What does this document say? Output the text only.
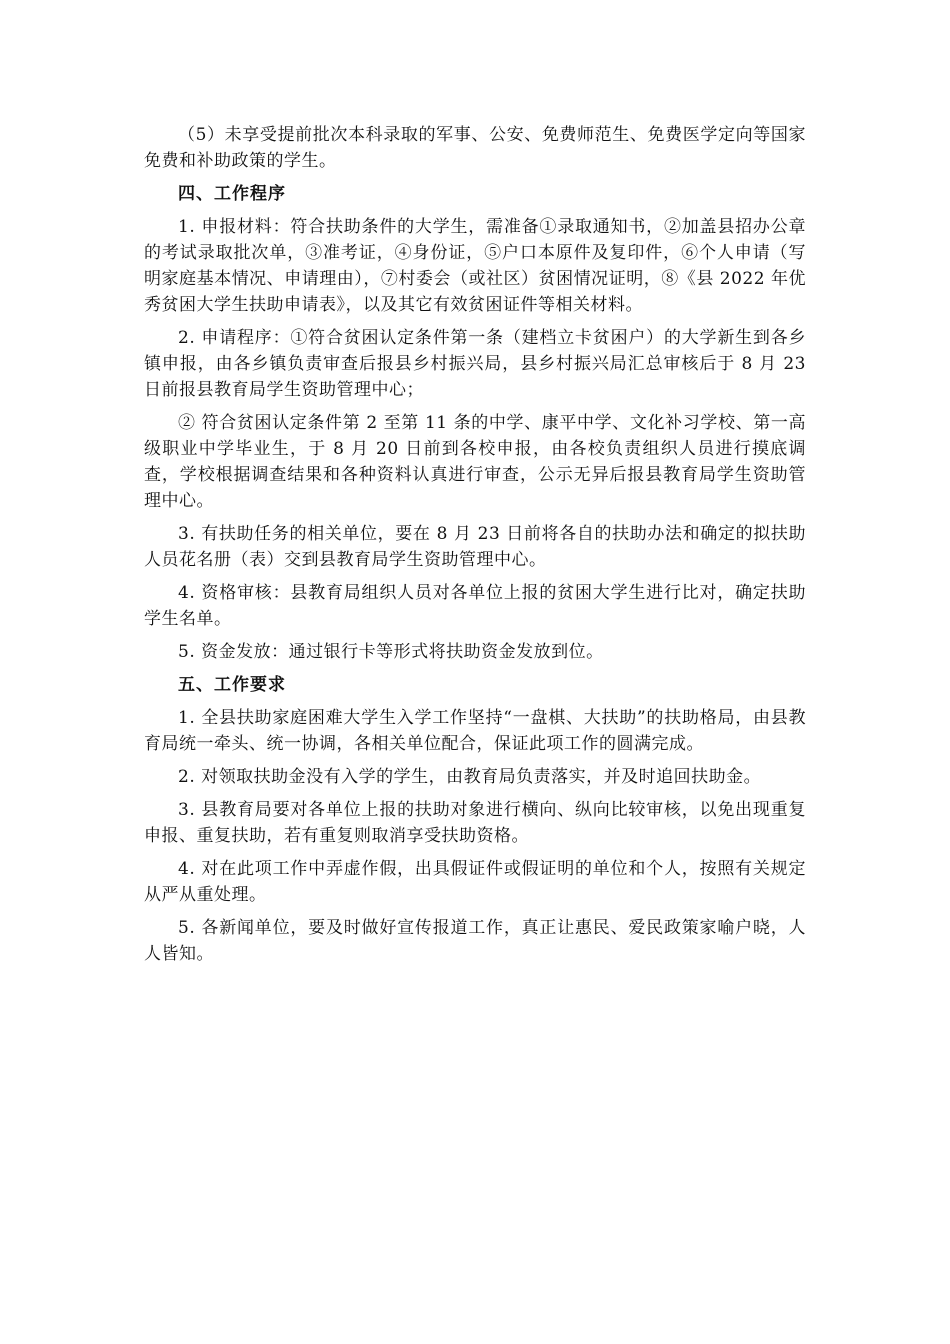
（5）未享受提前批次本科录取的军事、公安、免费师范生、免费医学定向等国家免费和补助政策的学生。

四、工作程序

1. 申报材料：符合扶助条件的大学生，需准备①录取通知书，②加盖县招办公章的考试录取批次单，③准考证，④身份证，⑤户口本原件及复印件，⑥个人申请（写明家庭基本情况、申请理由），⑦村委会（或社区）贫困情况证明，⑧《县 2022 年优秀贫困大学生扶助申请表》，以及其它有效贫困证件等相关材料。

2. 申请程序：①符合贫困认定条件第一条（建档立卡贫困户）的大学新生到各乡镇申报，由各乡镇负责审查后报县乡村振兴局，县乡村振兴局汇总审核后于 8 月 23 日前报县教育局学生资助管理中心；

② 符合贫困认定条件第 2 至第 11 条的中学、康平中学、文化补习学校、第一高级职业中学毕业生，于 8 月 20 日前到各校申报，由各校负责组织人员进行摸底调查，学校根据调查结果和各种资料认真进行审查，公示无异后报县教育局学生资助管理中心。

3. 有扶助任务的相关单位，要在 8 月 23 日前将各自的扶助办法和确定的拟扶助人员花名册（表）交到县教育局学生资助管理中心。

4. 资格审核：县教育局组织人员对各单位上报的贫困大学生进行比对，确定扶助学生名单。

5. 资金发放：通过银行卡等形式将扶助资金发放到位。

五、工作要求

1. 全县扶助家庭困难大学生入学工作坚持“一盘棋、大扶助”的扶助格局，由县教育局统一牵头、统一协调，各相关单位配合，保证此项工作的圆满完成。

2. 对领取扶助金没有入学的学生，由教育局负责落实，并及时追回扶助金。

3. 县教育局要对各单位上报的扶助对象进行横向、纵向比较审核，以免出现重复申报、重复扶助，若有重复则取消享受扶助资格。

4. 对在此项工作中弄虚作假，出具假证件或假证明的单位和个人，按照有关规定从严从重处理。

5. 各新闻单位，要及时做好宣传报道工作，真正让惠民、爱民政策家喻户晓，人人皆知。
